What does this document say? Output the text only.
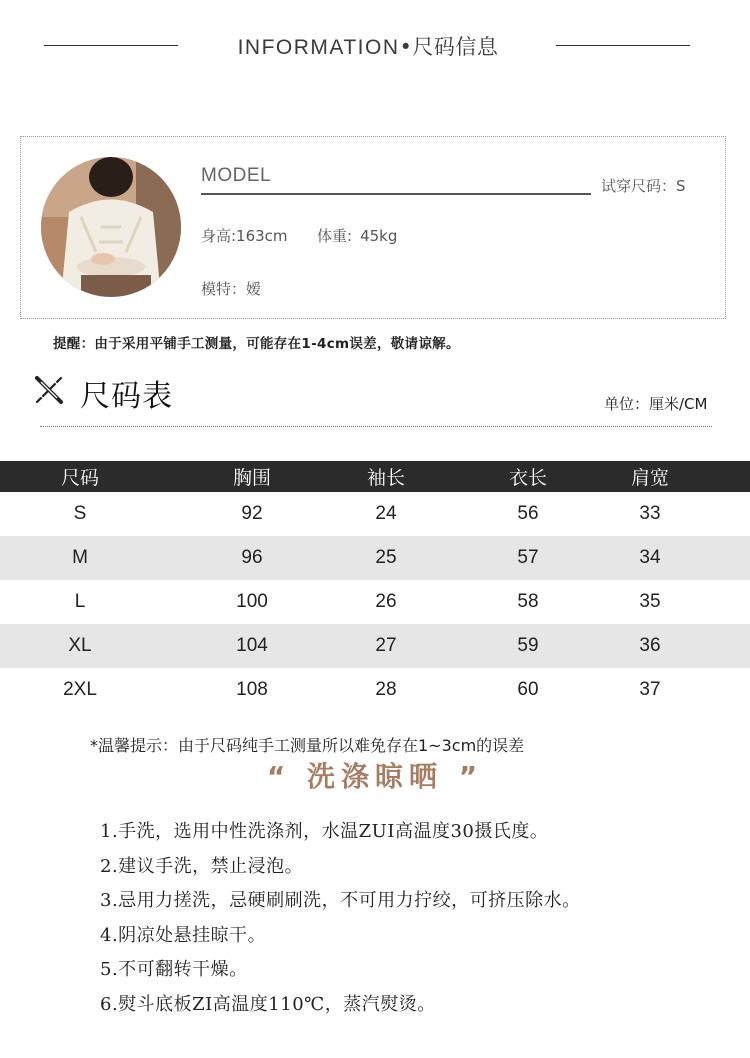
INFORMATION•尺码信息
MODEL	试穿尺码：S
身高:163cm 体重: 45kg
模特：嫒
提醒：由于采用平铺手工测量，可能存在1-4cm误差，敬请谅解。
尺码表	单位：厘米/CM
尺码	胸围	袖长	衣长	肩宽
S	92	24	56	33
M	96	25	57	34
L	100	26	58	35
XL	104	27	59	36
2XL	108	28	60	37
*温馨提示：由于尺码纯手工测量所以难免存在1~3cm的误差
“ 洗涤晾晒 ”
1.手洗，选用中性洗涤剂，水温ZUI高温度30摄氏度。
2.建议手洗，禁止浸泡。
3.忌用力搓洗，忌硬刷刷洗，不可用力拧绞，可挤压除水。
4.阴凉处悬挂晾干。
5.不可翻转干燥。
6.熨斗底板ZI高温度110℃，蒸汽熨烫。
